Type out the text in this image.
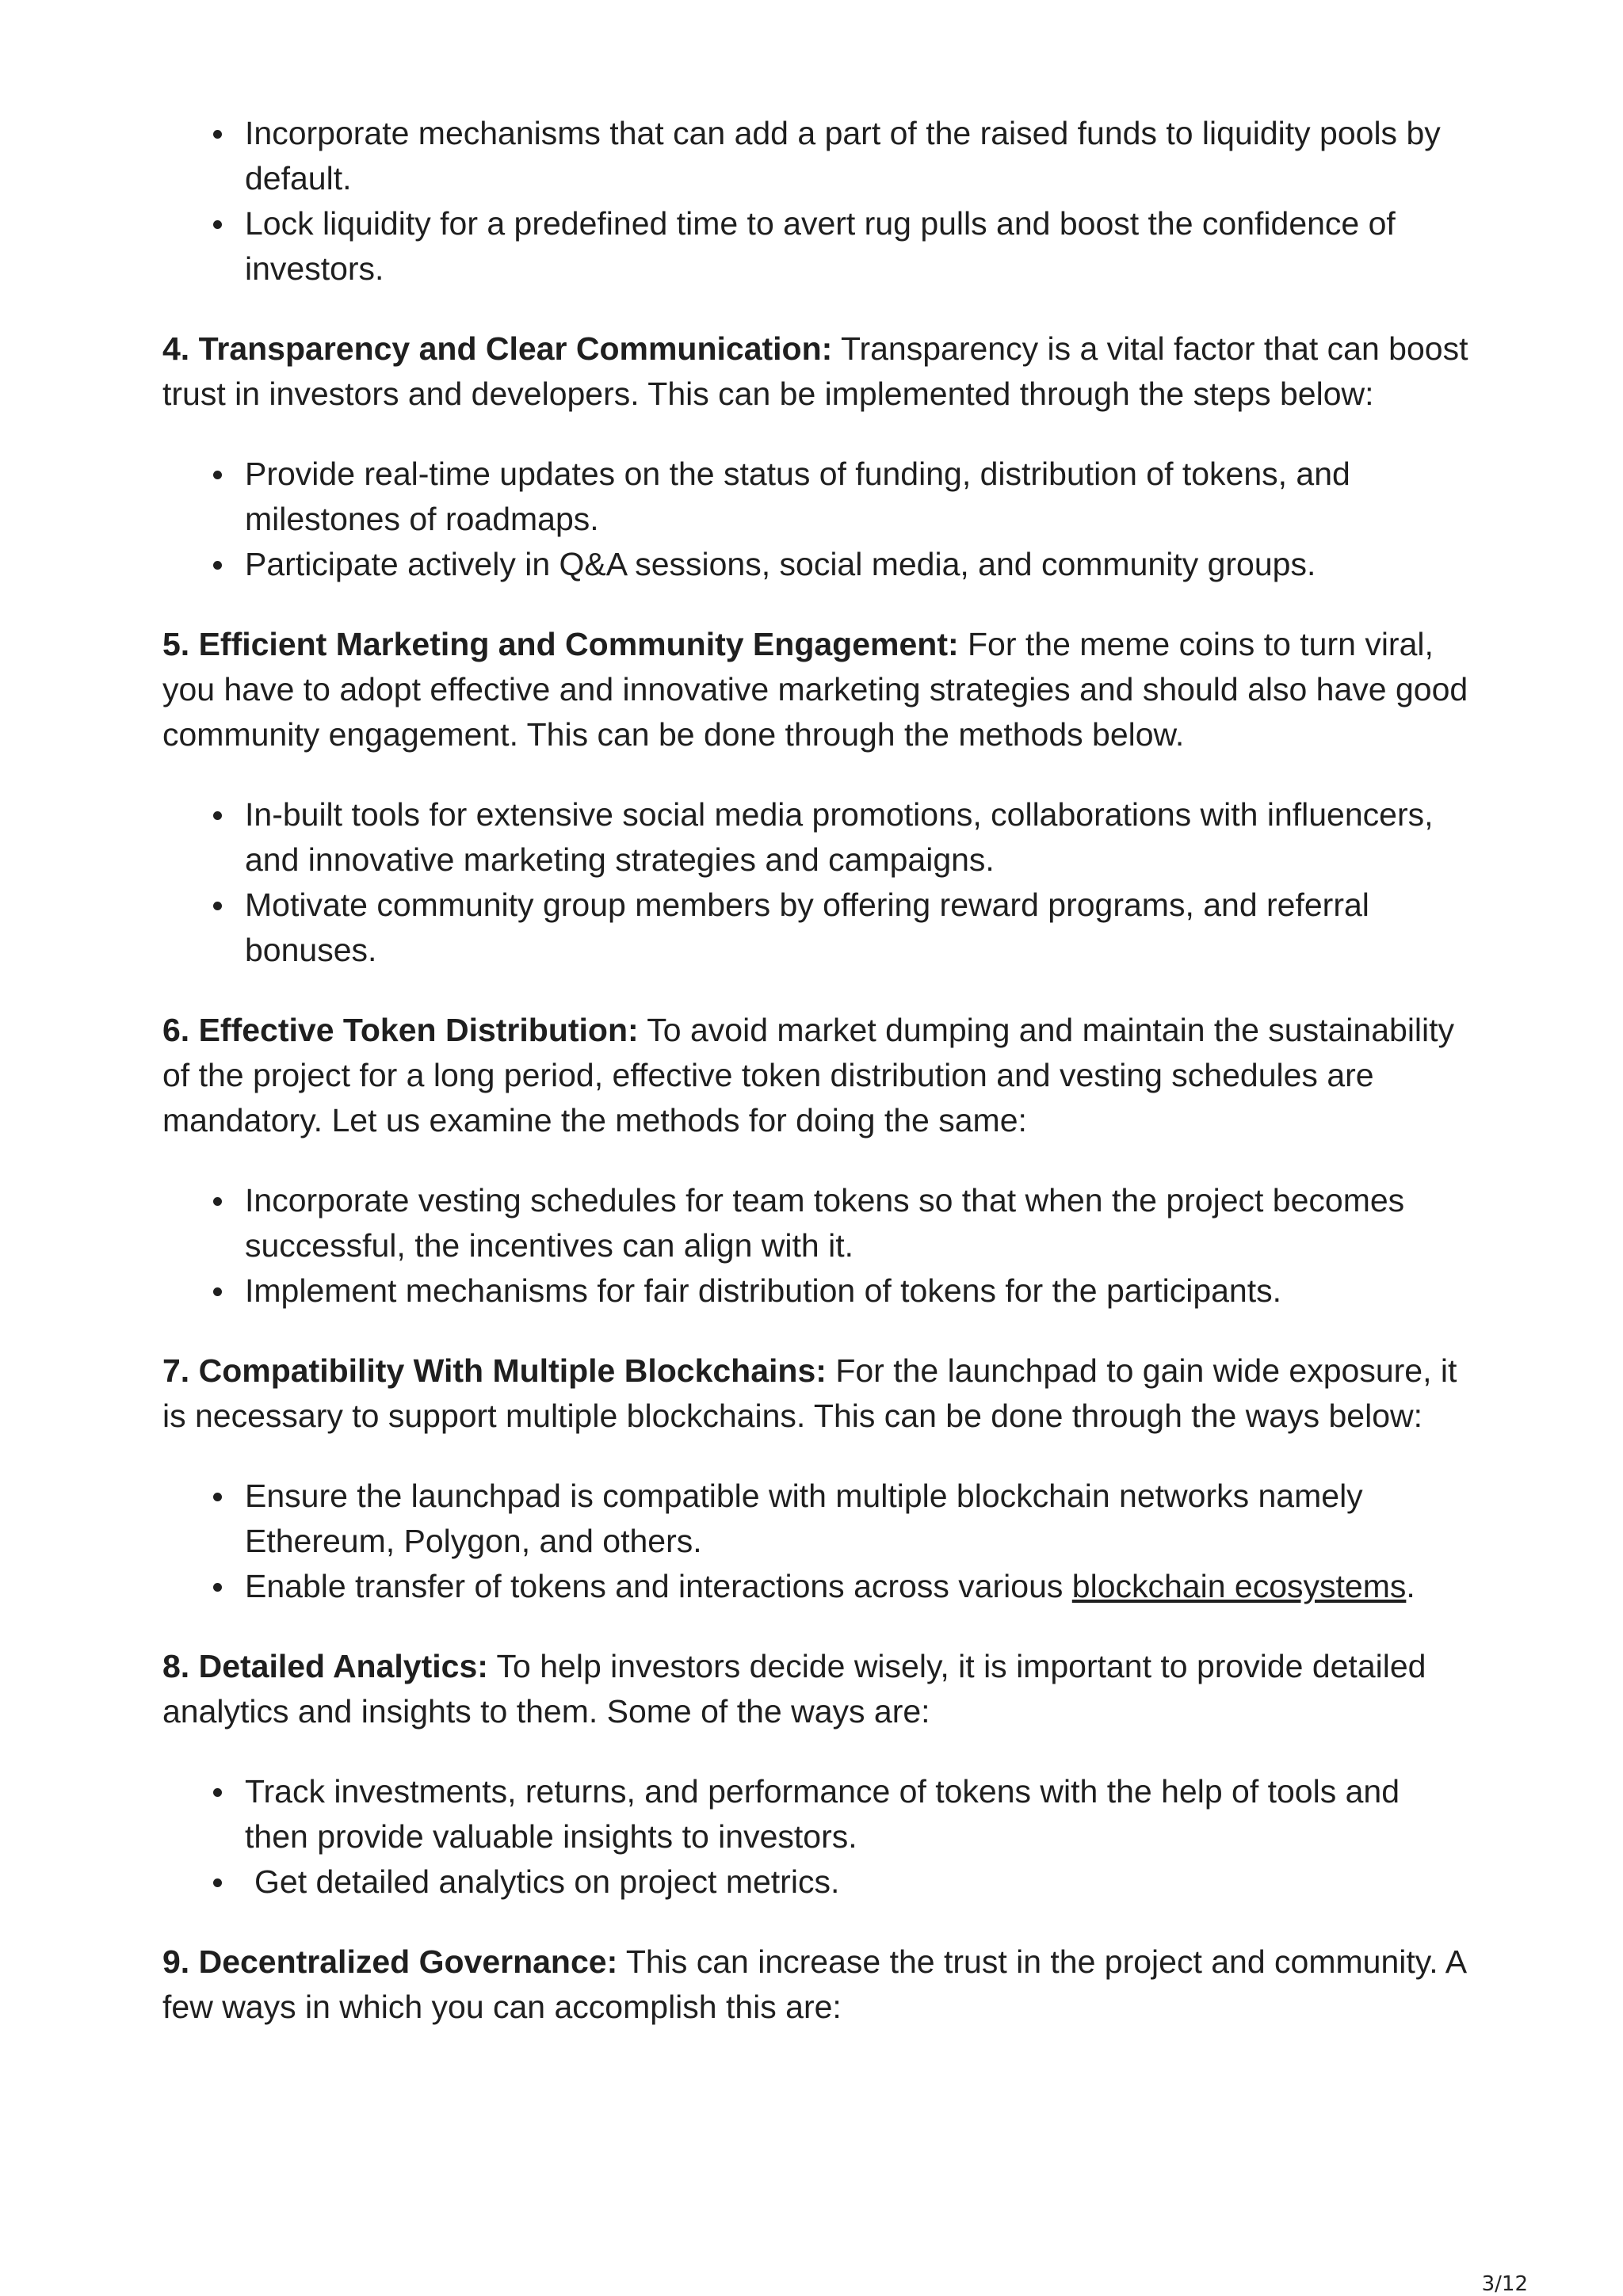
Incorporate mechanisms that can add a part of the raised funds to liquidity pools by default.
Lock liquidity for a predefined time to avert rug pulls and boost the confidence of investors.

4. Transparency and Clear Communication: Transparency is a vital factor that can boost trust in investors and developers. This can be implemented through the steps below:

Provide real-time updates on the status of funding, distribution of tokens, and milestones of roadmaps.
Participate actively in Q&A sessions, social media, and community groups.

5. Efficient Marketing and Community Engagement: For the meme coins to turn viral, you have to adopt effective and innovative marketing strategies and should also have good community engagement. This can be done through the methods below.

In-built tools for extensive social media promotions, collaborations with influencers, and innovative marketing strategies and campaigns.
Motivate community group members by offering reward programs, and referral bonuses.

6. Effective Token Distribution: To avoid market dumping and maintain the sustainability of the project for a long period, effective token distribution and vesting schedules are mandatory. Let us examine the methods for doing the same:

Incorporate vesting schedules for team tokens so that when the project becomes successful, the incentives can align with it.
Implement mechanisms for fair distribution of tokens for the participants.

7. Compatibility With Multiple Blockchains: For the launchpad to gain wide exposure, it is necessary to support multiple blockchains. This can be done through the ways below:

Ensure the launchpad is compatible with multiple blockchain networks namely Ethereum, Polygon, and others.
Enable transfer of tokens and interactions across various blockchain ecosystems.

8. Detailed Analytics: To help investors decide wisely, it is important to provide detailed analytics and insights to them. Some of the ways are:

Track investments, returns, and performance of tokens with the help of tools and then provide valuable insights to investors.
Get detailed analytics on project metrics.

9. Decentralized Governance: This can increase the trust in the project and community. A few ways in which you can accomplish this are:

3/12
